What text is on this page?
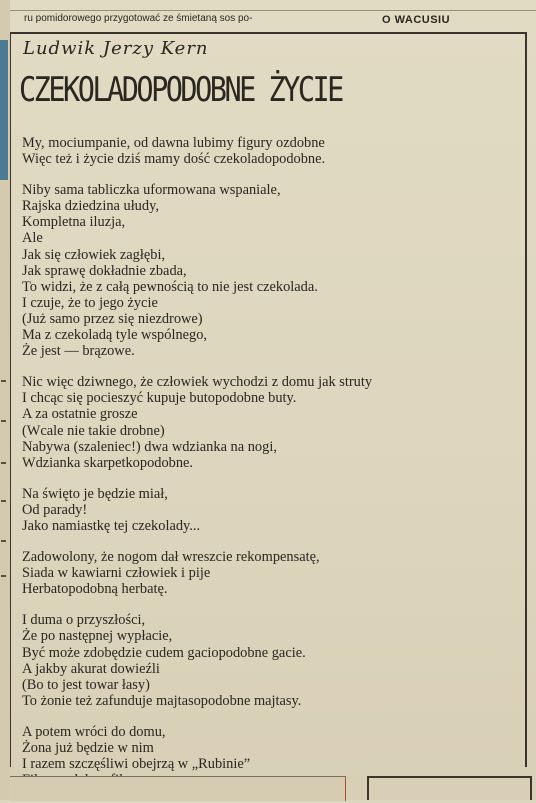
Ludwik Jerzy Kern
CZEKOLADOPODOBNE ŻYCIE
My, mociumpanie, od dawna lubimy figury ozdobne
Więc też i życie dziś mamy dość czekoladopodobne.
Niby sama tabliczka uformowana wspaniale,
Rajska dziedzina ułudy,
Kompletna iluzja,
Ale
Jak się człowiek zagłębi,
Jak sprawę dokładnie zbada,
To widzi, że z całą pewnością to nie jest czekolada.
I czuje, że to jego życie
(Już samo przez się niezdrowe)
Ma z czekoladą tyle wspólnego,
Że jest — brązowe.
Nic więc dziwnego, że człowiek wychodzi z domu jak struty
I chcąc się pocieszyć kupuje butopodobne buty.
A za ostatnie grosze
(Wcale nie takie drobne)
Nabywa (szaleniec!) dwa wdzianka na nogi,
Wdzianka skarpetkopodobne.
Na święto je będzie miał,
Od parady!
Jako namiastkę tej czekolady...
Zadowolony, że nogom dał wreszcie rekompensatę,
Siada w kawiarni człowiek i pije
Herbatopodobną herbatę.
I duma o przyszłości,
Że po następnej wypłacie,
Być może zdobędzie cudem gaciopodobne gacie.
A jakby akurat dowieźli
(Bo to jest towar łasy)
To żonie też zafunduje majtasopodobne majtasy.
A potem wróci do domu,
Żona już będzie w nim
I razem szczęśliwi obejrzą w „Rubinie”
ru pomidorowego przygotować ze śmietaną sos po-	O WACUSIU
